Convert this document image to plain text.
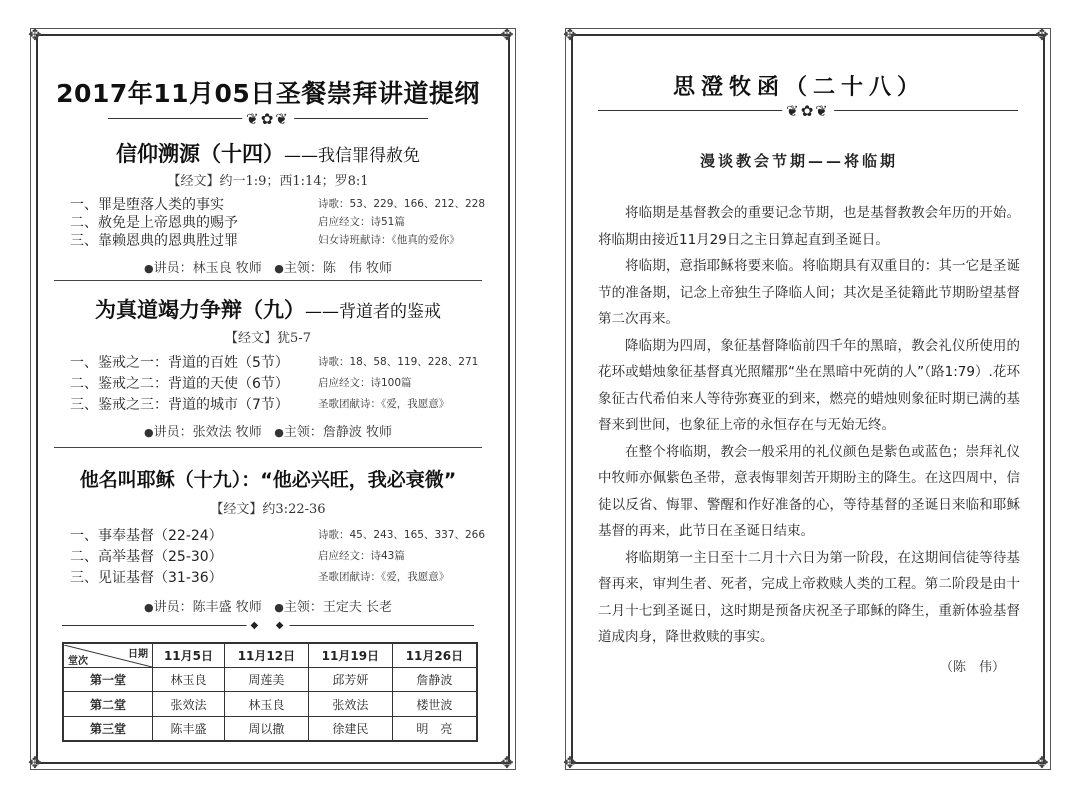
✥	✥
✥	✥
2017年11月05日圣餐崇拜讲道提纲
❦✿❦
信仰溯源（十四）——我信罪得赦免
【经文】约一1:9；西1:14；罗8:1
一、罪是堕落人类的事实	诗歌：53、229、166、212、228
二、赦免是上帝恩典的赐予	启应经文：诗51篇
三、靠赖恩典的恩典胜过罪	妇女诗班献诗：《他真的爱你》
●讲员：林玉良 牧师 ●主领：陈　伟 牧师
为真道竭力争辩（九）——背道者的鉴戒
【经文】犹5-7
一、鉴戒之一：背道的百姓（5节）	诗歌：18、58、119、228、271
二、鉴戒之二：背道的天使（6节）	启应经文：诗100篇
三、鉴戒之三：背道的城市（7节）	圣歌团献诗：《爱，我愿意》
●讲员：张效法 牧师 ●主领：詹静波 牧师
他名叫耶稣（十九）：“他必兴旺，我必衰微”
【经文】约3:22-36
一、事奉基督（22-24）	诗歌：45、243、165、337、266
二、高举基督（25-30）	启应经文：诗43篇
三、见证基督（31-36）	圣歌团献诗：《爱，我愿意》
●讲员：陈丰盛 牧师 ●主领：王定夫 长老
◆   ◆
日期
堂次	11月5日	11月12日	11月19日	11月26日
第一堂	林玉良	周莲美	邱芳妍	詹静波
第二堂	张效法	林玉良	张效法	楼世波
第三堂	陈丰盛	周以撒	徐建民	明　亮
✥	✥
✥	✥
思澄牧函（二十八）
❦✿❦
漫谈教会节期——将临期

将临期是基督教会的重要记念节期，也是基督教教会年历的开始。将临期由接近11月29日之主日算起直到圣诞日。

将临期，意指耶稣将要来临。将临期具有双重目的：其一它是圣诞节的准备期，记念上帝独生子降临人间；其次是圣徒籍此节期盼望基督第二次再来。

降临期为四周，象征基督降临前四千年的黑暗，教会礼仪所使用的花环或蜡烛象征基督真光照耀那“坐在黑暗中死荫的人”（路1:79）.花环象征古代希伯来人等待弥赛亚的到来，燃亮的蜡烛则象征时期已满的基督来到世间，也象征上帝的永恒存在与无始无终。

在整个将临期，教会一般采用的礼仪颜色是紫色或蓝色；崇拜礼仪中牧师亦佩紫色圣带，意表悔罪刻苦开期盼主的降生。在这四周中，信徒以反省、悔罪、警醒和作好准备的心，等待基督的圣诞日来临和耶稣基督的再来，此节日在圣诞日结束。

将临期第一主日至十二月十六日为第一阶段，在这期间信徒等待基督再来，审判生者、死者，完成上帝救赎人类的工程。第二阶段是由十二月十七到圣诞日，这时期是预备庆祝圣子耶稣的降生，重新体验基督道成肉身，降世救赎的事实。

（陈　伟）
